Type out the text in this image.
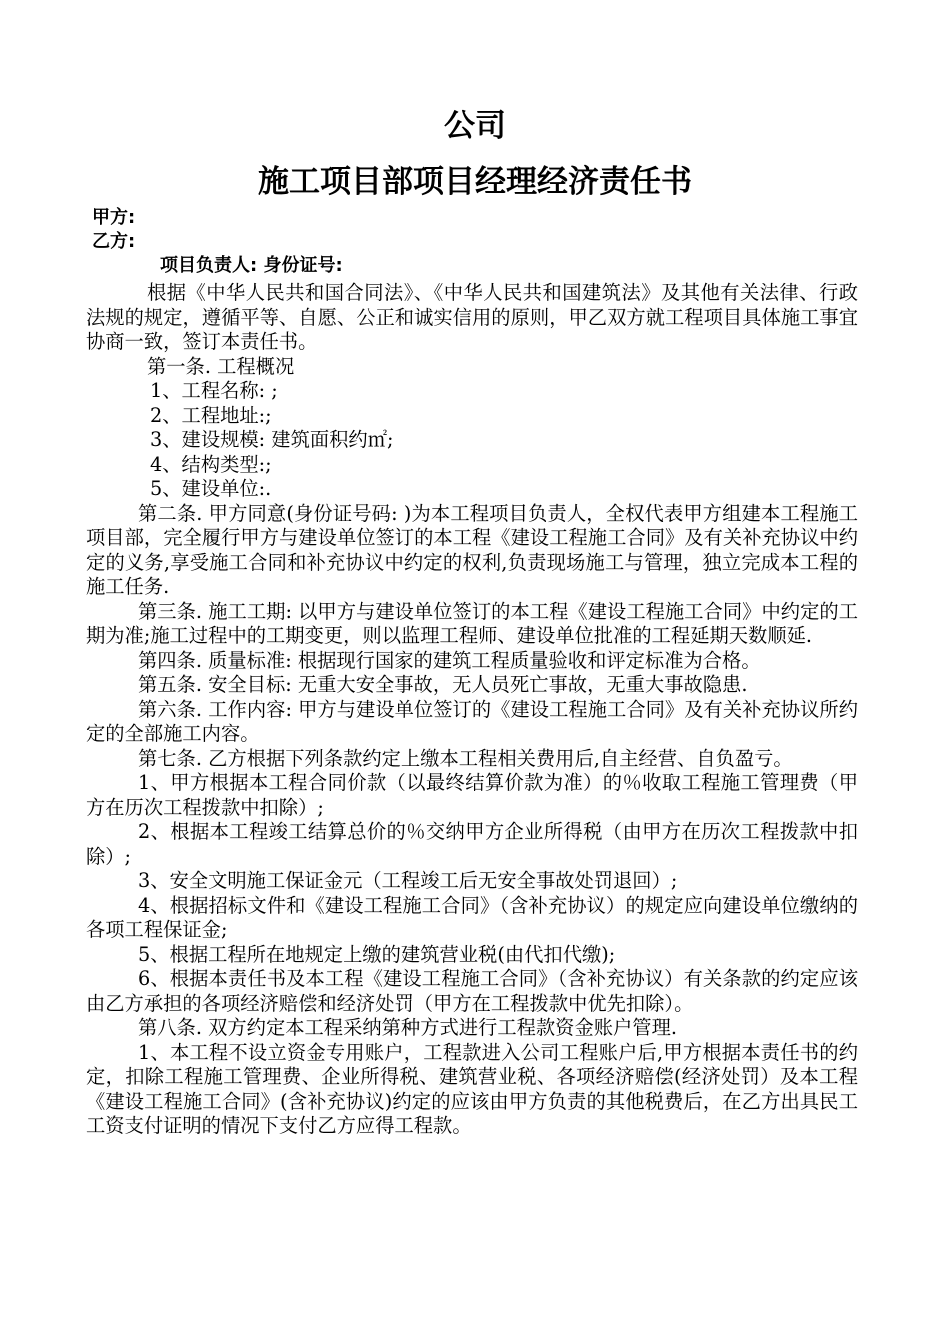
公司
施工项目部项目经理经济责任书
甲方:
乙方:
项目负责人: 身份证号:

根据《中华人民共和国合同法》、《中华人民共和国建筑法》及其他有关法律、行政法规的规定，遵循平等、自愿、公正和诚实信用的原则，甲乙双方就工程项目具体施工事宜协商一致，签订本责任书。

第一条. 工程概况

1、工程名称: ;

2、工程地址:;

3、建设规模: 建筑面积约㎡;

4、结构类型:;

5、建设单位:.

第二条. 甲方同意(身份证号码: )为本工程项目负责人，全权代表甲方组建本工程施工项目部，完全履行甲方与建设单位签订的本工程《建设工程施工合同》及有关补充协议中约定的义务,享受施工合同和补充协议中约定的权利,负责现场施工与管理，独立完成本工程的施工任务.

第三条. 施工工期: 以甲方与建设单位签订的本工程《建设工程施工合同》中约定的工期为准;施工过程中的工期变更，则以监理工程师、建设单位批准的工程延期天数顺延.

第四条. 质量标准: 根据现行国家的建筑工程质量验收和评定标准为合格。

第五条. 安全目标: 无重大安全事故，无人员死亡事故，无重大事故隐患.

第六条. 工作内容: 甲方与建设单位签订的《建设工程施工合同》及有关补充协议所约定的全部施工内容。

第七条. 乙方根据下列条款约定上缴本工程相关费用后,自主经营、自负盈亏。

1、甲方根据本工程合同价款（以最终结算价款为准）的％收取工程施工管理费（甲方在历次工程拨款中扣除）;

2、根据本工程竣工结算总价的％交纳甲方企业所得税（由甲方在历次工程拨款中扣除）;

3、安全文明施工保证金元（工程竣工后无安全事故处罚退回）;

4、根据招标文件和《建设工程施工合同》（含补充协议）的规定应向建设单位缴纳的各项工程保证金;

5、根据工程所在地规定上缴的建筑营业税(由代扣代缴);

6、根据本责任书及本工程《建设工程施工合同》（含补充协议）有关条款的约定应该由乙方承担的各项经济赔偿和经济处罚（甲方在工程拨款中优先扣除）。

第八条. 双方约定本工程采纳第种方式进行工程款资金账户管理.

1、本工程不设立资金专用账户，工程款进入公司工程账户后,甲方根据本责任书的约定，扣除工程施工管理费、企业所得税、建筑营业税、各项经济赔偿(经济处罚）及本工程《建设工程施工合同》(含补充协议)约定的应该由甲方负责的其他税费后，在乙方出具民工工资支付证明的情况下支付乙方应得工程款。
